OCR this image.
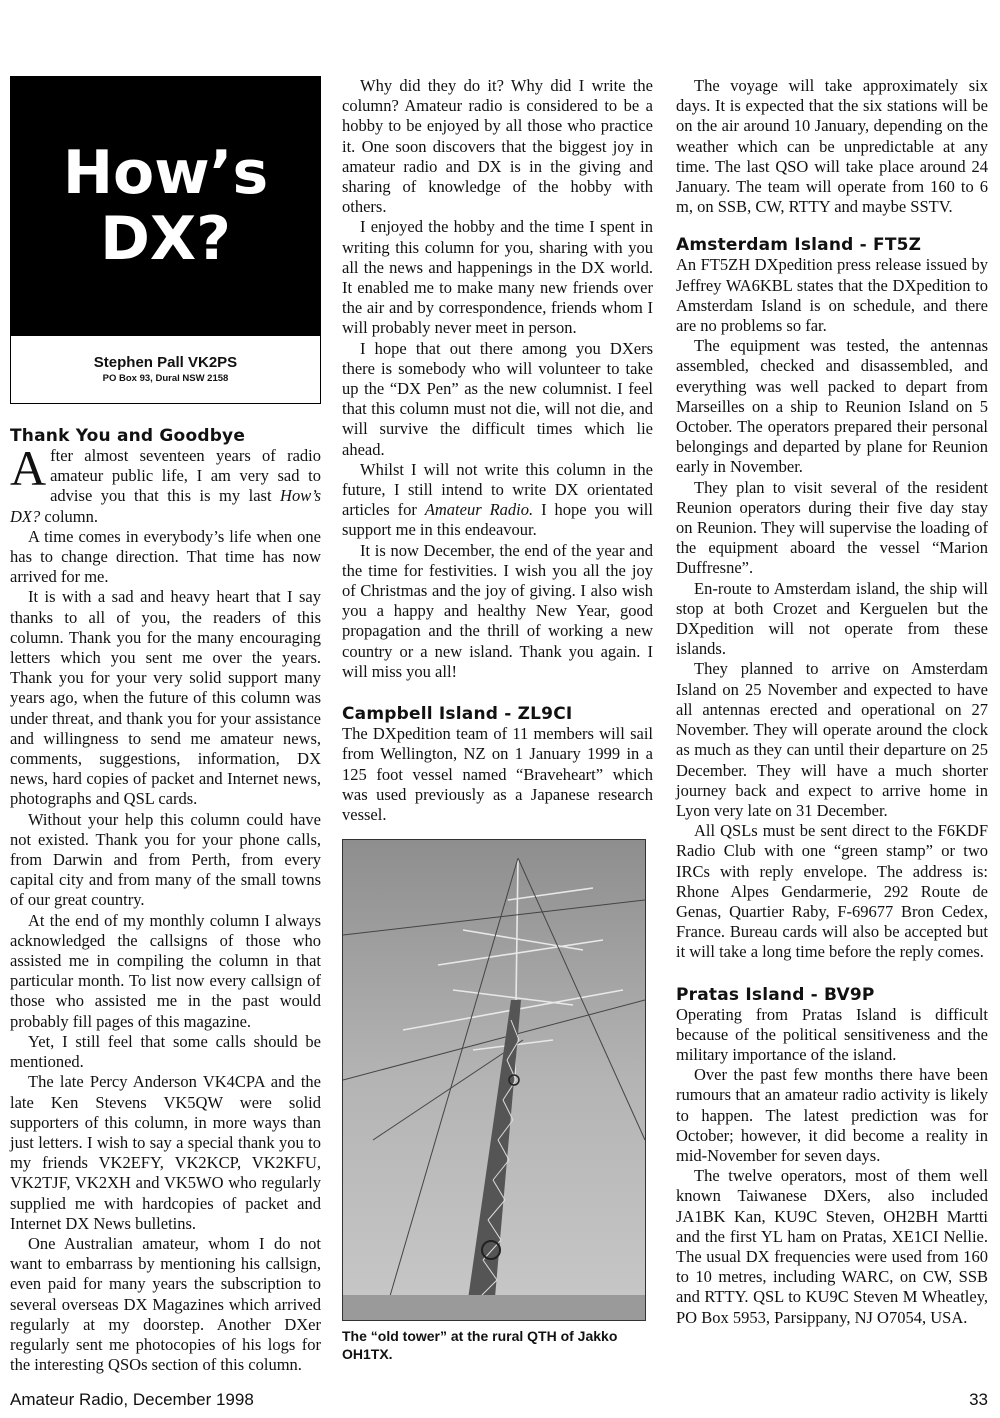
How’s
DX?
Stephen Pall VK2PS
PO Box 93, Dural NSW 2158
Thank You and Goodbye

After almost seventeen years of radio amateur public life, I am very sad to advise you that this is my last How’s DX? column.

A time comes in everybody’s life when one has to change direction. That time has now arrived for me.

It is with a sad and heavy heart that I say thanks to all of you, the readers of this column. Thank you for the many encouraging letters which you sent me over the years. Thank you for your very solid support many years ago, when the future of this column was under threat, and thank you for your assistance and willingness to send me amateur news, comments, suggestions, information, DX news, hard copies of packet and Internet news, photographs and QSL cards.

Without your help this column could have not existed. Thank you for your phone calls, from Darwin and from Perth, from every capital city and from many of the small towns of our great country.

At the end of my monthly column I always acknowledged the callsigns of those who assisted me in compiling the column in that particular month. To list now every callsign of those who assisted me in the past would probably fill pages of this magazine.

Yet, I still feel that some calls should be mentioned.

The late Percy Anderson VK4CPA and the late Ken Stevens VK5QW were solid supporters of this column, in more ways than just letters. I wish to say a special thank you to my friends VK2EFY, VK2KCP, VK2KFU, VK2TJF, VK2XH and VK5WO who regularly supplied me with hardcopies of packet and Internet DX News bulletins.

One Australian amateur, whom I do not want to embarrass by mentioning his callsign, even paid for many years the subscription to several overseas DX Magazines which arrived regularly at my doorstep. Another DXer regularly sent me photocopies of his logs for the interesting QSOs section of this column.

Why did they do it? Why did I write the column? Amateur radio is considered to be a hobby to be enjoyed by all those who practice it. One soon discovers that the biggest joy in amateur radio and DX is in the giving and sharing of knowledge of the hobby with others.

I enjoyed the hobby and the time I spent in writing this column for you, sharing with you all the news and happenings in the DX world. It enabled me to make many new friends over the air and by correspondence, friends whom I will probably never meet in person.

I hope that out there among you DXers there is somebody who will volunteer to take up the “DX Pen” as the new columnist. I feel that this column must not die, will not die, and will survive the difficult times which lie ahead.

Whilst I will not write this column in the future, I still intend to write DX orientated articles for Amateur Radio. I hope you will support me in this endeavour.

It is now December, the end of the year and the time for festivities. I wish you all the joy of Christmas and the joy of giving. I also wish you a happy and healthy New Year, good propagation and the thrill of working a new country or a new island. Thank you again. I will miss you all!

Campbell Island - ZL9CI

The DXpedition team of 11 members will sail from Wellington, NZ on 1 January 1999 in a 125 foot vessel named “Braveheart” which was used previously as a Japanese research vessel.

The “old tower” at the rural QTH of Jakko OH1TX.

The voyage will take approximately six days. It is expected that the six stations will be on the air around 10 January, depending on the weather which can be unpredictable at any time. The last QSO will take place around 24 January. The team will operate from 160 to 6 m, on SSB, CW, RTTY and maybe SSTV.

Amsterdam Island - FT5Z

An FT5ZH DXpedition press release issued by Jeffrey WA6KBL states that the DXpedition to Amsterdam Island is on schedule, and there are no problems so far.

The equipment was tested, the antennas assembled, checked and disassembled, and everything was well packed to depart from Marseilles on a ship to Reunion Island on 5 October. The operators prepared their personal belongings and departed by plane for Reunion early in November.

They plan to visit several of the resident Reunion operators during their five day stay on Reunion. They will supervise the loading of the equipment aboard the vessel “Marion Duffresne”.

En-route to Amsterdam island, the ship will stop at both Crozet and Kerguelen but the DXpedition will not operate from these islands.

They planned to arrive on Amsterdam Island on 25 November and expected to have all antennas erected and operational on 27 November. They will operate around the clock as much as they can until their departure on 25 December. They will have a much shorter journey back and expect to arrive home in Lyon very late on 31 December.

All QSLs must be sent direct to the F6KDF Radio Club with one “green stamp” or two IRCs with reply envelope. The address is: Rhone Alpes Gendarmerie, 292 Route de Genas, Quartier Raby, F-69677 Bron Cedex, France. Bureau cards will also be accepted but it will take a long time before the reply comes.

Pratas Island - BV9P

Operating from Pratas Island is difficult because of the political sensitiveness and the military importance of the island.

Over the past few months there have been rumours that an amateur radio activity is likely to happen. The latest prediction was for October; however, it did become a reality in mid-November for seven days.

The twelve operators, most of them well known Taiwanese DXers, also included JA1BK Kan, KU9C Steven, OH2BH Martti and the first YL ham on Pratas, XE1CI Nellie. The usual DX frequencies were used from 160 to 10 metres, including WARC, on CW, SSB and RTTY. QSL to KU9C Steven M Wheatley, PO Box 5953, Parsippany, NJ O7054, USA.

Amateur Radio, December 1998	33
